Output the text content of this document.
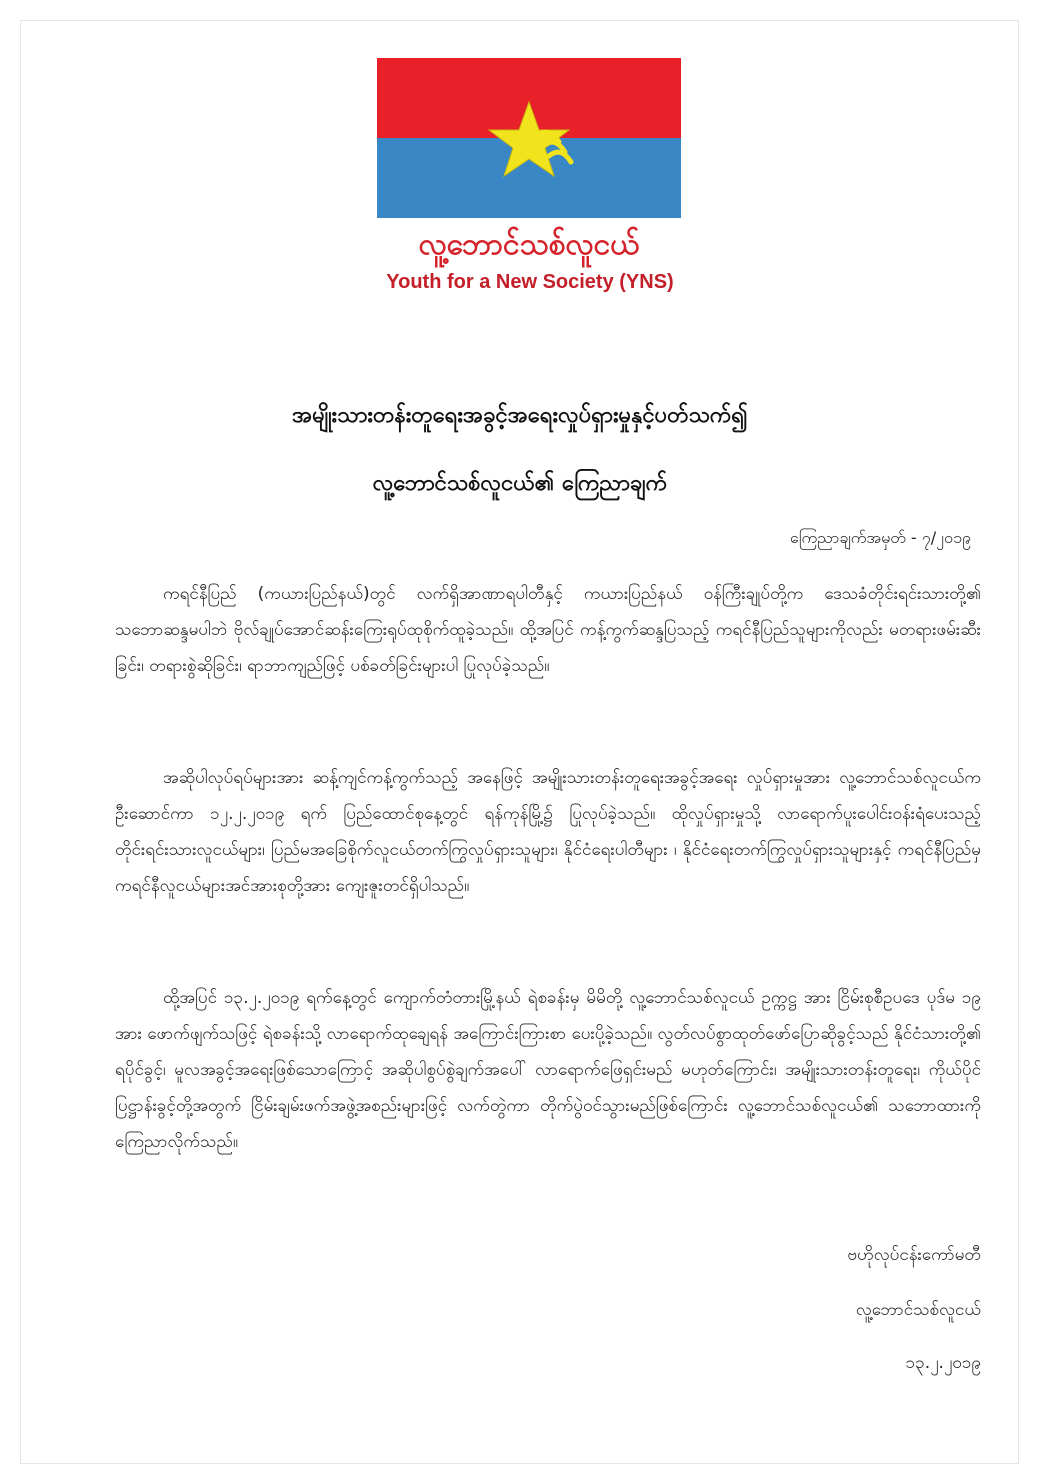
လူ့ဘောင်သစ်လူငယ်
Youth for a New Society (YNS)
အမျိုးသားတန်းတူရေးအခွင့်အရေးလှုပ်ရှားမှုနှင့်ပတ်သက်၍
လူ့ဘောင်သစ်လူငယ်၏ ကြေညာချက်
ကြေညာချက်အမှတ် - ၇/၂၀၁၉
ကရင်နီပြည် (ကယားပြည်နယ်)တွင် လက်ရှိအာဏာရပါတီနှင့် ကယားပြည်နယ် ဝန်ကြီးချုပ်တို့က ဒေသခံတိုင်းရင်းသားတို့၏ သဘောဆန္ဒမပါဘဲ ဗိုလ်ချုပ်အောင်ဆန်းကြေးရုပ်ထုစိုက်ထူခဲ့သည်။ ထို့အပြင် ကန့်ကွက်ဆန္ဒပြသည့် ကရင်နီပြည်သူများကိုလည်း မတရားဖမ်းဆီးခြင်း၊ တရားစွဲဆိုခြင်း၊ ရာဘာကျည်ဖြင့် ပစ်ခတ်ခြင်းများပါ ပြုလုပ်ခဲ့သည်။
အဆိုပါလုပ်ရပ်များအား ဆန့်ကျင်ကန့်ကွက်သည့် အနေဖြင့် အမျိုးသားတန်းတူရေးအခွင့်အရေး လှုပ်ရှားမှုအား လူ့ဘောင်သစ်လူငယ်က ဦးဆောင်ကာ ၁၂.၂.၂၀၁၉ ရက် ပြည်ထောင်စုနေ့တွင် ရန်ကုန်မြို့၌ ပြုလုပ်ခဲ့သည်။ ထိုလှုပ်ရှားမှုသို့ လာရောက်ပူးပေါင်းဝန်းရံပေးသည့် တိုင်းရင်းသားလူငယ်များ၊ ပြည်မအခြေစိုက်လူငယ်တက်ကြွလှုပ်ရှားသူများ၊ နိုင်ငံရေးပါတီများ ၊ နိုင်ငံရေးတက်ကြွလှုပ်ရှားသူများနှင့် ကရင်နီပြည်မှ ကရင်နီလူငယ်များအင်အားစုတို့အား ကျေးဇူးတင်ရှိပါသည်။
ထို့အပြင် ၁၃.၂.၂၀၁၉ ရက်နေ့တွင် ကျောက်တံတားမြို့နယ် ရဲစခန်းမှ မိမိတို့ လူ့ဘောင်သစ်လူငယ် ဥက္ကဋ္ဌ အား ငြိမ်းစုစီဥပဒေ ပုဒ်မ ၁၉ အား ဖောက်ဖျက်သဖြင့် ရဲစခန်းသို့ လာရောက်ထုချေရန် အကြောင်းကြားစာ ပေးပို့ခဲ့သည်။ လွတ်လပ်စွာထုတ်ဖော်ပြောဆိုခွင့်သည် နိုင်ငံသားတို့၏ ရပိုင်ခွင့်၊ မူလအခွင့်အရေးဖြစ်သောကြောင့် အဆိုပါစွပ်စွဲချက်အပေါ် လာရောက်ဖြေရှင်းမည် မဟုတ်ကြောင်း၊ အမျိုးသားတန်းတူရေး၊ ကိုယ်ပိုင်ပြဋ္ဌာန်းခွင့်တို့အတွက် ငြိမ်းချမ်းဖက်အဖွဲ့အစည်းများဖြင့် လက်တွဲကာ တိုက်ပွဲဝင်သွားမည်ဖြစ်ကြောင်း လူ့ဘောင်သစ်လူငယ်၏ သဘောထားကို ကြေညာလိုက်သည်။
ဗဟိုလုပ်ငန်းကော်မတီ
လူ့ဘောင်သစ်လူငယ်
၁၃.၂.၂၀၁၉
